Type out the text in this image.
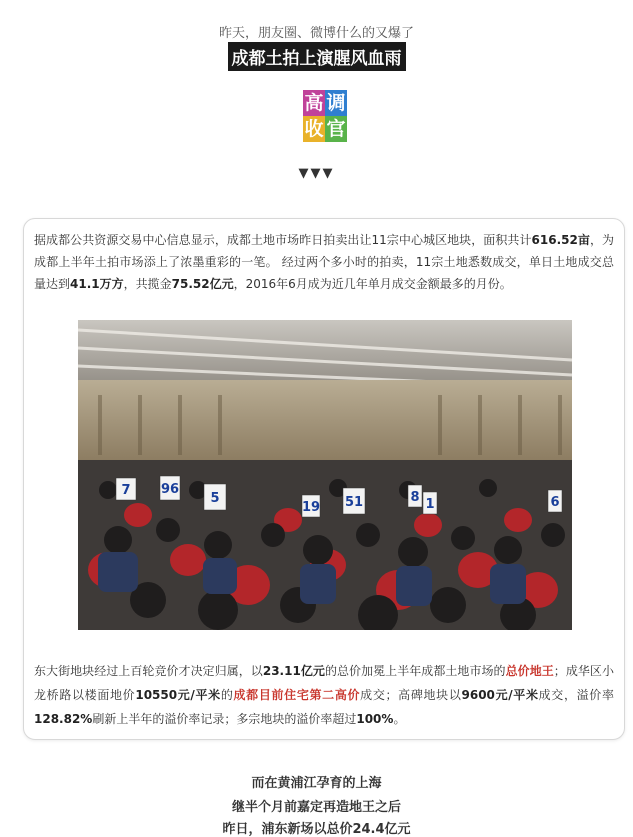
昨天，朋友圈、微博什么的又爆了
成都土拍上演腥风血雨
高 调
收 官
▼▼▼
据成都公共资源交易中心信息显示，成都土地市场昨日拍卖出让11宗中心城区地块，面积共计616.52亩，为成都上半年土拍市场添上了浓墨重彩的一笔。 经过两个多小时的拍卖，11宗土地悉数成交，单日土地成交总量达到41.1万方，共揽金75.52亿元，2016年6月成为近几年单月成交金额最多的月份。
7 96
5
19 51	8 1	6
东大街地块经过上百轮竞价才决定归属，以23.11亿元的总价加冕上半年成都土地市场的总价地王；成华区小龙桥路以楼面地价10550元/平米的成都目前住宅第二高价成交；高碑地块以9600元/平米成交，溢价率128.82%刷新上半年的溢价率记录；多宗地块的溢价率超过100%。
而在黄浦江孕育的上海
继半个月前嘉定再造地王之后
昨日，浦东新场以总价24.4亿元
